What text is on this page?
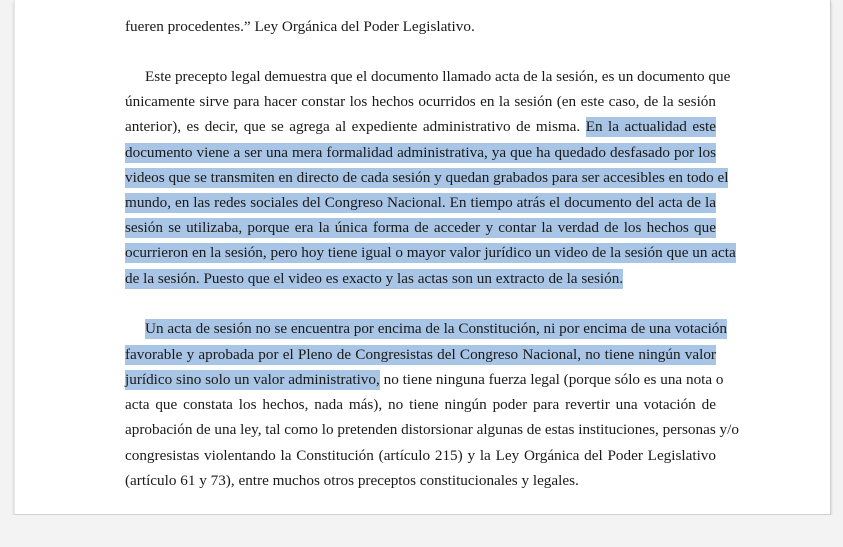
fueren procedentes.” Ley Orgánica del Poder Legislativo.
Este precepto legal demuestra que el documento llamado acta de la sesión, es un documento que
únicamente sirve para hacer constar los hechos ocurridos en la sesión (en este caso, de la sesión
anterior), es decir, que se agrega al expediente administrativo de misma. En la actualidad este
documento viene a ser una mera formalidad administrativa, ya que ha quedado desfasado por los
videos que se transmiten en directo de cada sesión y quedan grabados para ser accesibles en todo el
mundo, en las redes sociales del Congreso Nacional. En tiempo atrás el documento del acta de la
sesión se utilizaba, porque era la única forma de acceder y contar la verdad de los hechos que
ocurrieron en la sesión, pero hoy tiene igual o mayor valor jurídico un video de la sesión que un acta
de la sesión. Puesto que el video es exacto y las actas son un extracto de la sesión.
Un acta de sesión no se encuentra por encima de la Constitución, ni por encima de una votación
favorable y aprobada por el Pleno de Congresistas del Congreso Nacional, no tiene ningún valor
jurídico sino solo un valor administrativo, no tiene ninguna fuerza legal (porque sólo es una nota o
acta que constata los hechos, nada más), no tiene ningún poder para revertir una votación de
aprobación de una ley, tal como lo pretenden distorsionar algunas de estas instituciones, personas y/o
congresistas violentando la Constitución (artículo 215) y la Ley Orgánica del Poder Legislativo
(artículo 61 y 73), entre muchos otros preceptos constitucionales y legales.
